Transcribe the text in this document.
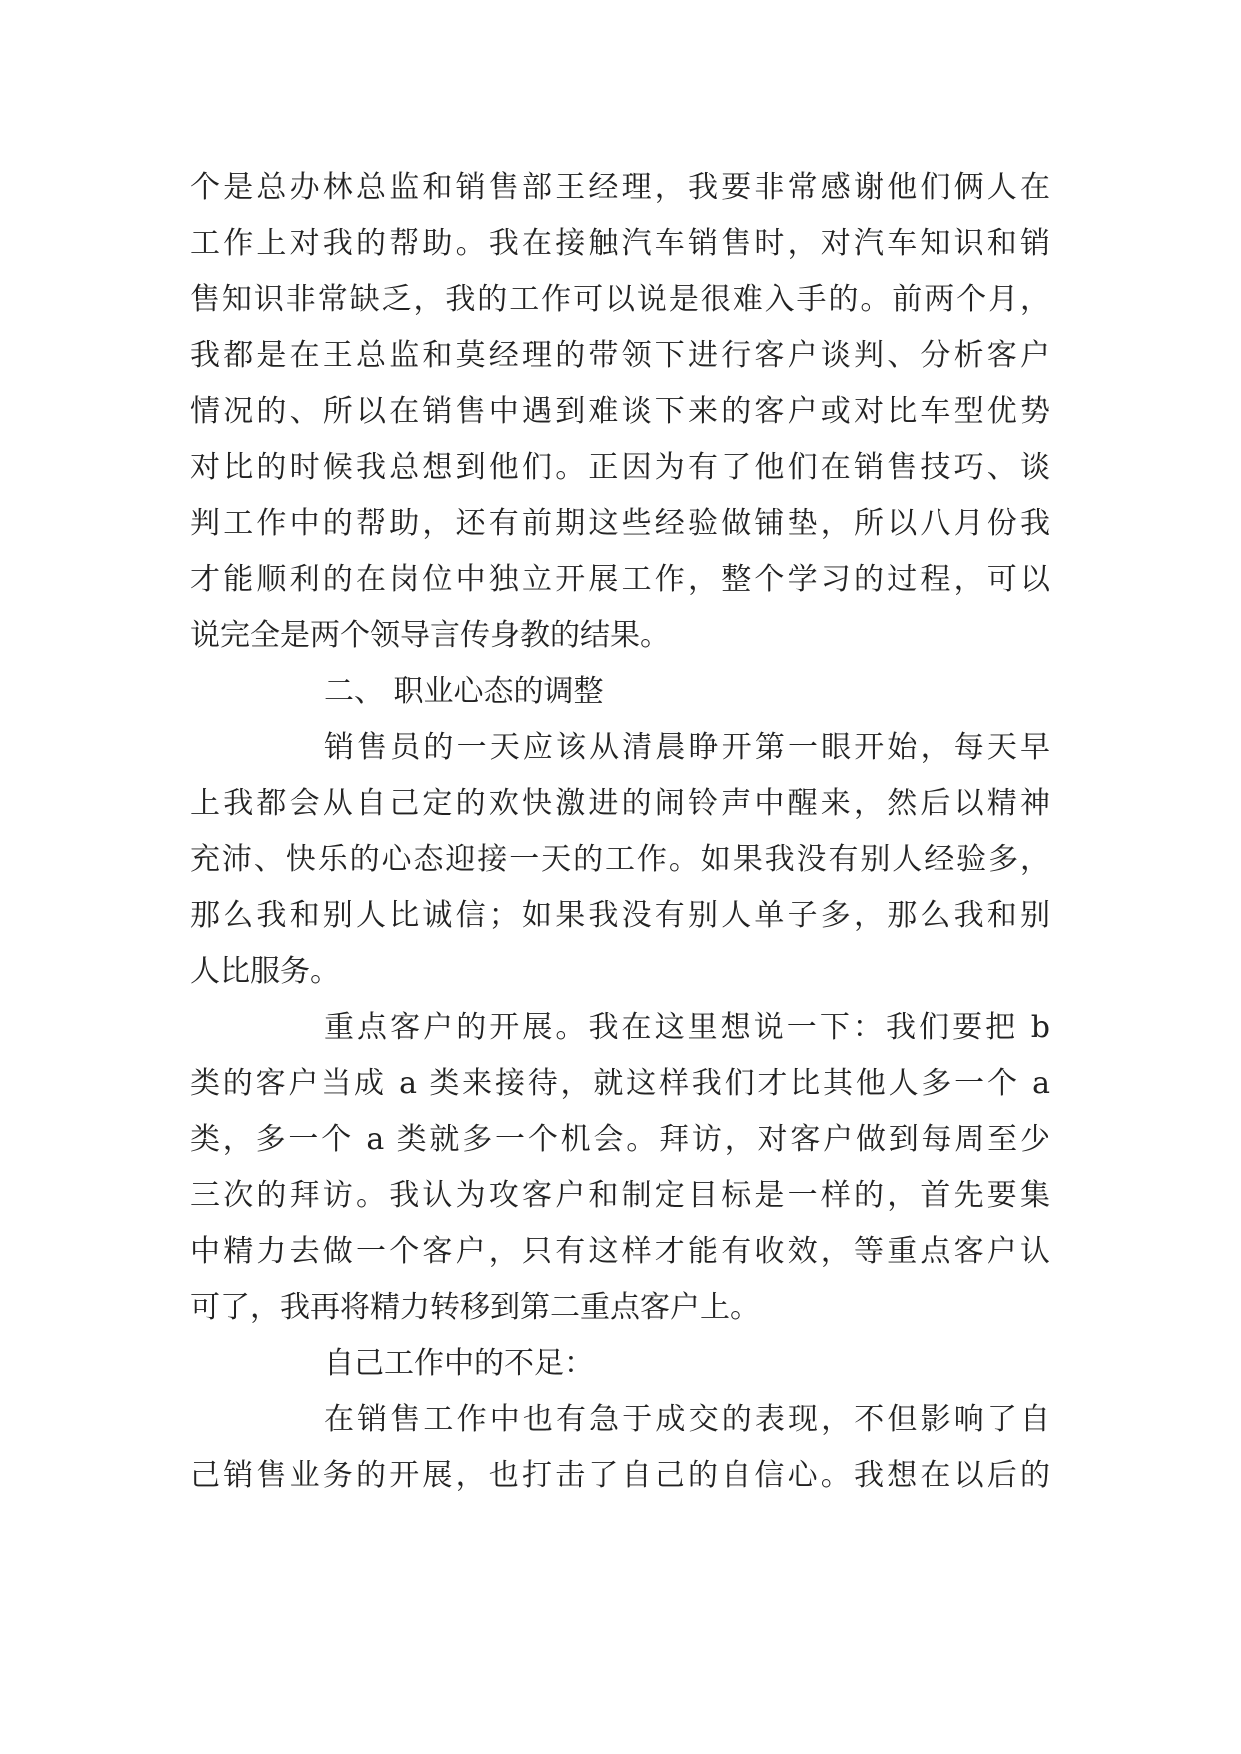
个是总办林总监和销售部王经理，我要非常感谢他们俩人在
工作上对我的帮助。我在接触汽车销售时，对汽车知识和销
售知识非常缺乏，我的工作可以说是很难入手的。前两个月，
我都是在王总监和莫经理的带领下进行客户谈判、分析客户
情况的、所以在销售中遇到难谈下来的客户或对比车型优势
对比的时候我总想到他们。正因为有了他们在销售技巧、谈
判工作中的帮助，还有前期这些经验做铺垫，所以八月份我
才能顺利的在岗位中独立开展工作，整个学习的过程，可以
说完全是两个领导言传身教的结果。
二、 职业心态的调整
销售员的一天应该从清晨睁开第一眼开始，每天早
上我都会从自己定的欢快激进的闹铃声中醒来，然后以精神
充沛、快乐的心态迎接一天的工作。如果我没有别人经验多，
那么我和别人比诚信；如果我没有别人单子多，那么我和别
人比服务。
重点客户的开展。我在这里想说一下：我们要把 b
类的客户当成 a 类来接待，就这样我们才比其他人多一个 a
类，多一个 a 类就多一个机会。拜访，对客户做到每周至少
三次的拜访。我认为攻客户和制定目标是一样的，首先要集
中精力去做一个客户，只有这样才能有收效，等重点客户认
可了，我再将精力转移到第二重点客户上。
自己工作中的不足：
在销售工作中也有急于成交的表现，不但影响了自
己销售业务的开展，也打击了自己的自信心。我想在以后的
